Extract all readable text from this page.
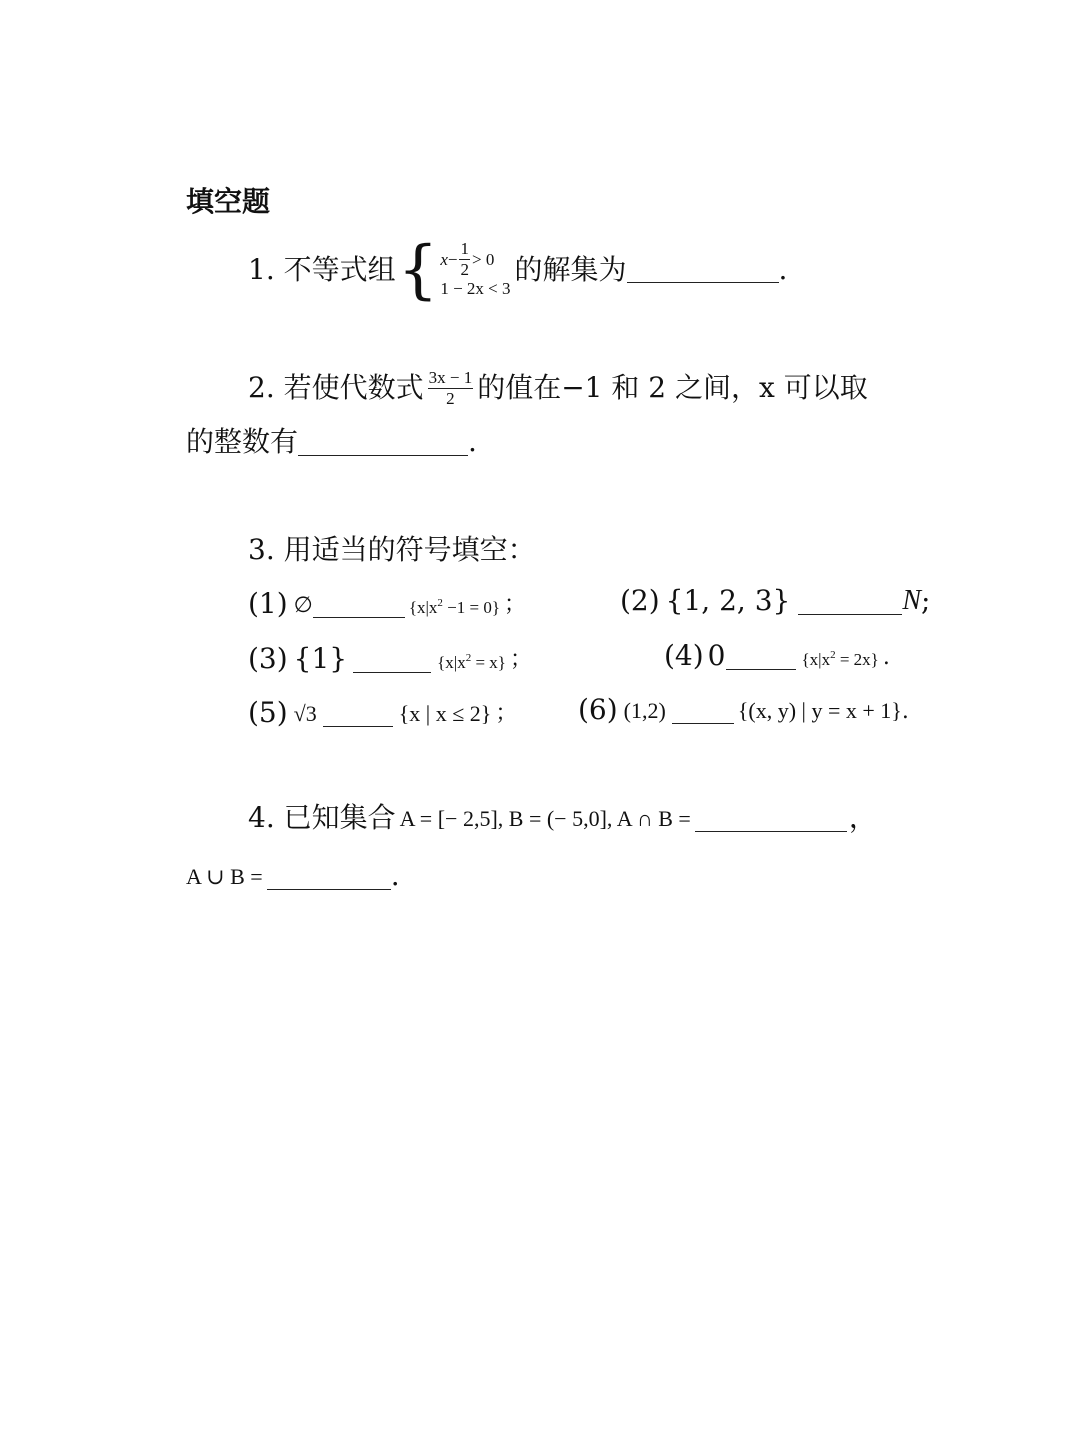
填空题
1. 不等式组 { $x - \frac{1}{2} > 0$
1 − 2x < 3
的解集为	.
2. 若使代数式 $\frac{3x - 1}{2}$ 的值在−1 和 2 之间，x 可以取
的整数有	.
3. 用适当的符号填空：
(1) ∅	$\{x|x^2 -1 = 0\}$ ；	(2) {1, 2, 3}	N ;
(3) {1}	$\{x|x^2 = x\}$ ；	(4) 0	$\{x|x^2 = 2x\}$ .
(5) √3	{x | x ≤ 2} ； (6) (1,2)	{(x, y) | y = x + 1} .
4. 已知集合 A = [− 2,5], B = (− 5,0], A ∩ B =	，
A ∪ B =	.
